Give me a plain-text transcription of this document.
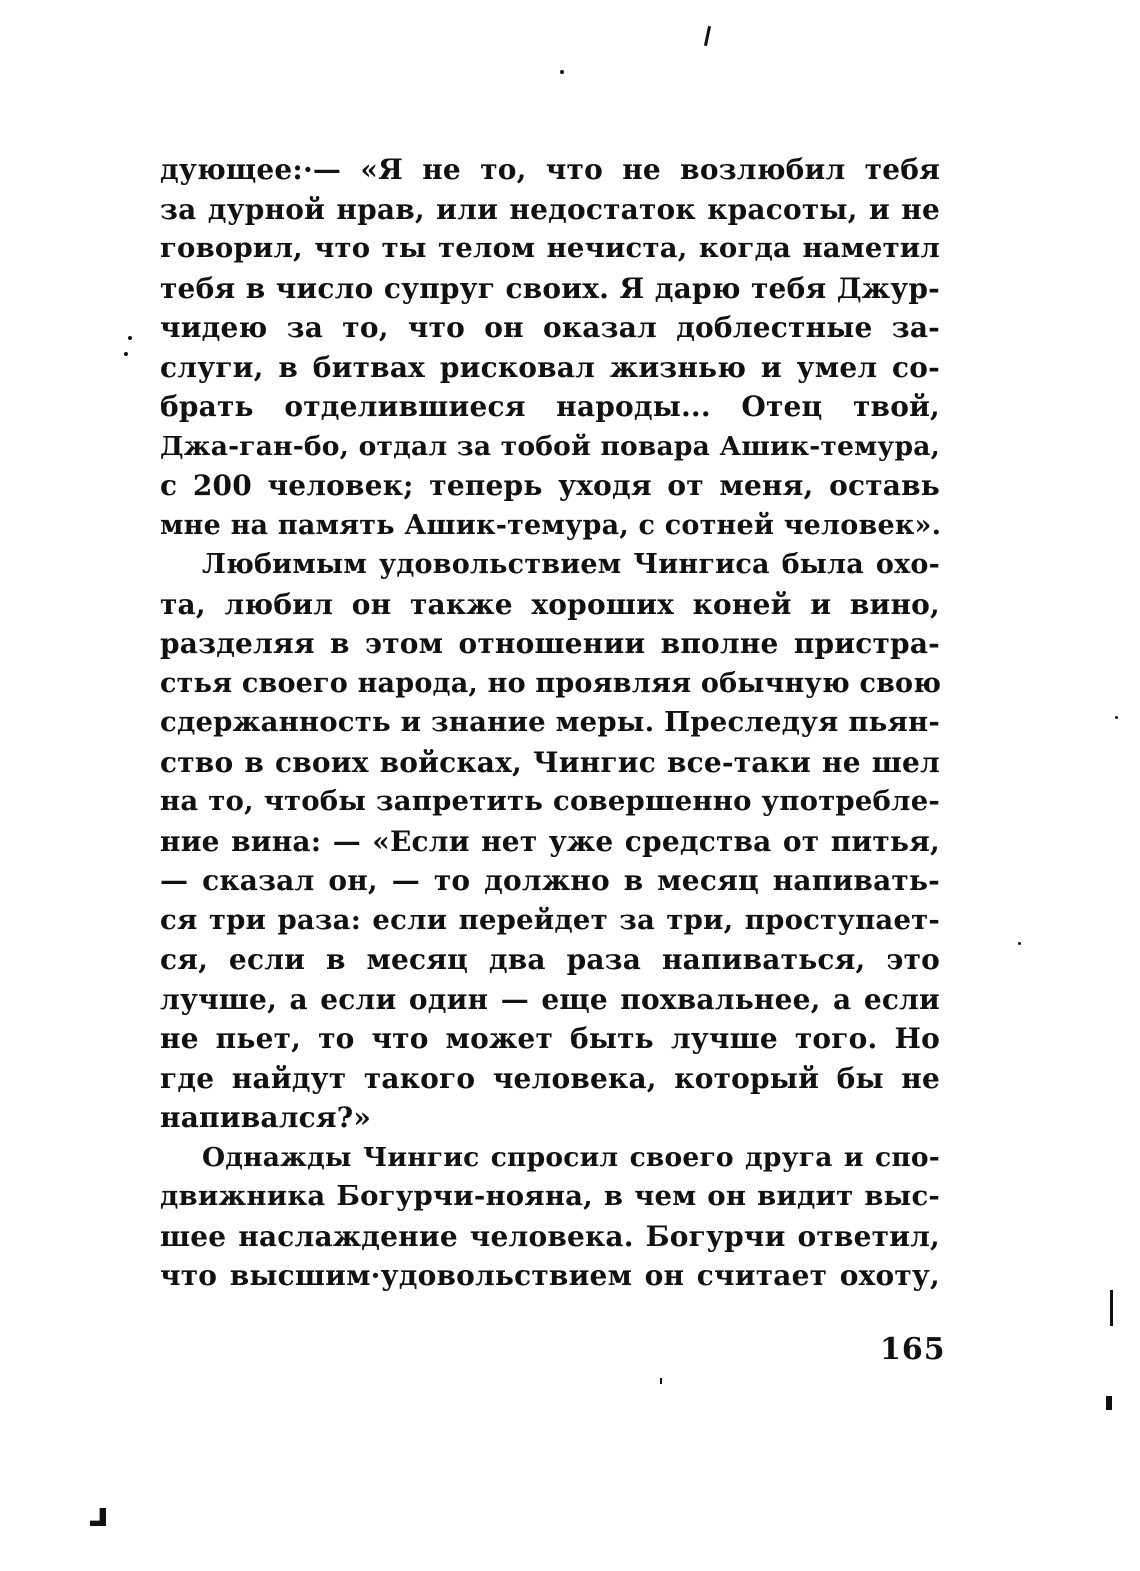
дующее:·— «Я не то, что не возлюбил тебя
за дурной нрав, или недостаток красоты, и не
говорил, что ты телом нечиста, когда наметил
тебя в число супруг своих. Я дарю тебя Джур-
чидею за то, что он оказал доблестные за-
слуги, в битвах рисковал жизнью и умел со-
брать отделившиеся народы... Отец твой,
Джа-ган-бо, отдал за тобой повара Ашик-темура,
с 200 человек; теперь уходя от меня, оставь
мне на память Ашик-темура, с сотней человек».
Любимым удовольствием Чингиса была охо-
та, любил он также хороших коней и вино,
разделяя в этом отношении вполне пристра-
стья своего народа, но проявляя обычную свою
сдержанность и знание меры. Преследуя пьян-
ство в своих войсках, Чингис все-таки не шел
на то, чтобы запретить совершенно употребле-
ние вина: — «Если нет уже средства от питья,
— сказал он, — то должно в месяц напивать-
ся три раза: если перейдет за три, проступает-
ся, если в месяц два раза напиваться, это
лучше, а если один — еще похвальнее, а если
не пьет, то что может быть лучше того. Но
где найдут такого человека, который бы не
напивался?»
Однажды Чингис спросил своего друга и спо-
движника Богурчи-нояна, в чем он видит выс-
шее наслаждение человека. Богурчи ответил,
что высшим·удовольствием он считает охоту,
165
